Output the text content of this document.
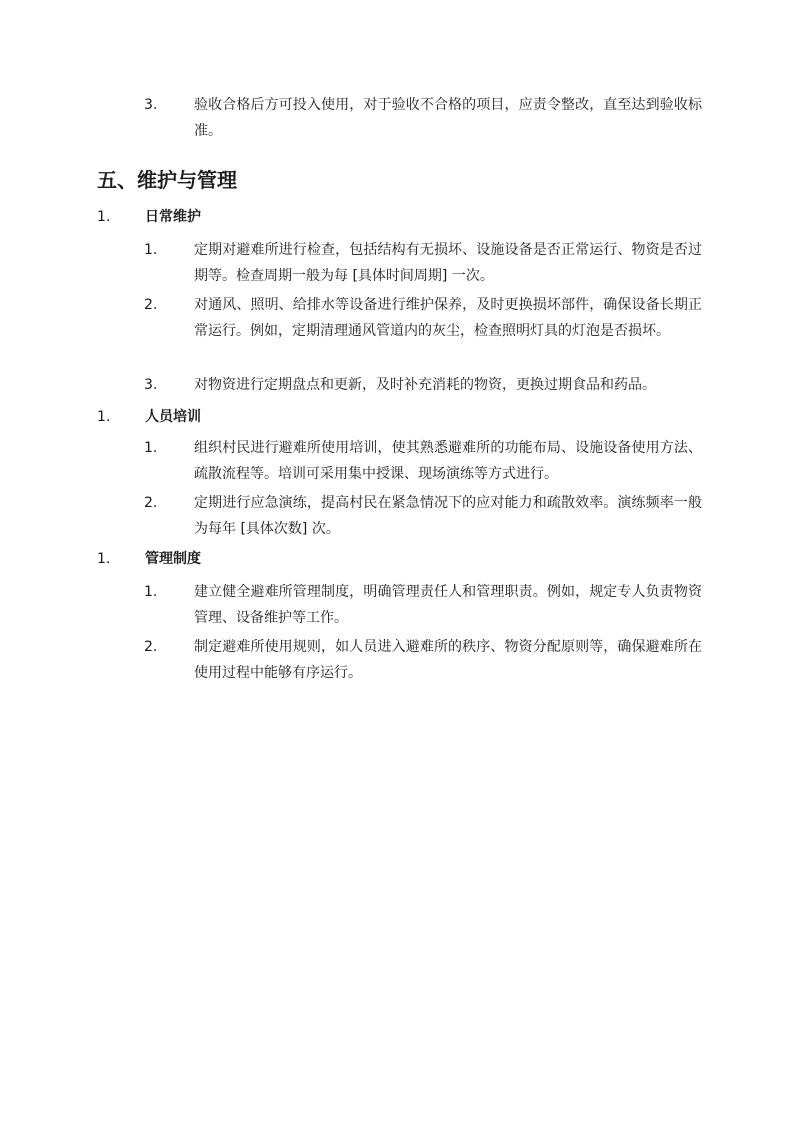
3.	验收合格后方可投入使用，对于验收不合格的项目，应责令整改，直至达到验收标准。
五、维护与管理
1. 日常维护
1.	定期对避难所进行检查，包括结构有无损坏、设施设备是否正常运行、物资是否过期等。检查周期一般为每 [具体时间周期] 一次。
2.	对通风、照明、给排水等设备进行维护保养，及时更换损坏部件，确保设备长期正常运行。例如，定期清理通风管道内的灰尘，检查照明灯具的灯泡是否损坏。
3.	对物资进行定期盘点和更新，及时补充消耗的物资，更换过期食品和药品。
1. 人员培训
1.	组织村民进行避难所使用培训，使其熟悉避难所的功能布局、设施设备使用方法、疏散流程等。培训可采用集中授课、现场演练等方式进行。
2.	定期进行应急演练，提高村民在紧急情况下的应对能力和疏散效率。演练频率一般为每年 [具体次数] 次。
1. 管理制度
1.	建立健全避难所管理制度，明确管理责任人和管理职责。例如，规定专人负责物资管理、设备维护等工作。
2.	制定避难所使用规则，如人员进入避难所的秩序、物资分配原则等，确保避难所在使用过程中能够有序运行。
